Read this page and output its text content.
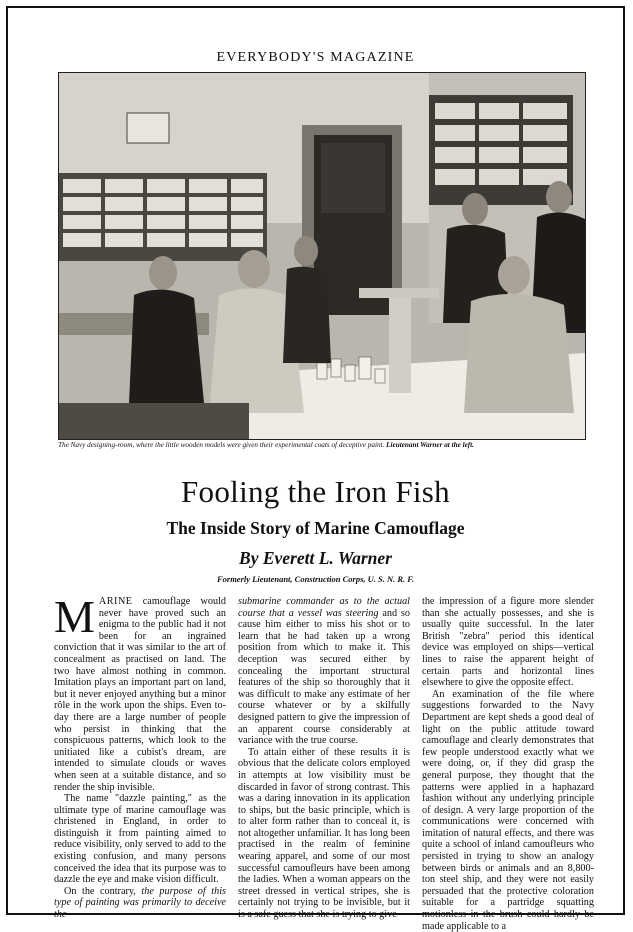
EVERYBODY'S MAGAZINE
The Navy designing-room, where the little wooden models were given their experimental coats of deceptive paint. Lieutenant Warner at the left.
Fooling the Iron Fish
The Inside Story of Marine Camouflage
By Everett L. Warner
Formerly Lieutenant, Construction Corps, U. S. N. R. F.

MARINE camouflage would never have proved such an enigma to the public had it not been for an ingrained conviction that it was similar to the art of concealment as practised on land. The two have almost nothing in common. Imitation plays an important part on land, but it never enjoyed anything but a minor rôle in the work upon the ships. Even to-day there are a large number of people who persist in thinking that the conspicuous patterns, which look to the unitiated like a cubist's dream, are intended to simulate clouds or waves when seen at a suitable distance, and so render the ship invisible.

The name "dazzle painting," as the ultimate type of marine camouflage was christened in England, in order to distinguish it from painting aimed to reduce visibility, only served to add to the existing confusion, and many persons conceived the idea that its purpose was to dazzle the eye and make vision difficult.

On the contrary, the purpose of this type of painting was primarily to deceive the

submarine commander as to the actual course that a vessel was steering and so cause him either to miss his shot or to learn that he had taken up a wrong position from which to make it. This deception was secured either by concealing the important structural features of the ship so thoroughly that it was difficult to make any estimate of her course whatever or by a skilfully designed pattern to give the impression of an apparent course considerably at variance with the true course.

To attain either of these results it is obvious that the delicate colors employed in attempts at low visibility must be discarded in favor of strong contrast. This was a daring innovation in its application to ships, but the basic principle, which is to alter form rather than to conceal it, is not altogether unfamiliar. It has long been practised in the realm of feminine wearing apparel, and some of our most successful camoufleurs have been among the ladies. When a woman appears on the street dressed in vertical stripes, she is certainly not trying to be invisible, but it is a safe guess that she is trying to give

the impression of a figure more slender than she actually possesses, and she is usually quite successful. In the later British "zebra" period this identical device was employed on ships—vertical lines to raise the apparent height of certain parts and horizontal lines elsewhere to give the opposite effect.

An examination of the file where suggestions forwarded to the Navy Department are kept sheds a good deal of light on the public attitude toward camouflage and clearly demonstrates that few people understood exactly what we were doing, or, if they did grasp the general purpose, they thought that the patterns were applied in a haphazard fashion without any underlying principle of design. A very large proportion of the communications were concerned with imitation of natural effects, and there was quite a school of inland camoufleurs who persisted in trying to show an analogy between birds or animals and an 8,800-ton steel ship, and they were not easily persuaded that the protective coloration suitable for a partridge squatting motionless in the brush could hardly be made applicable to a
